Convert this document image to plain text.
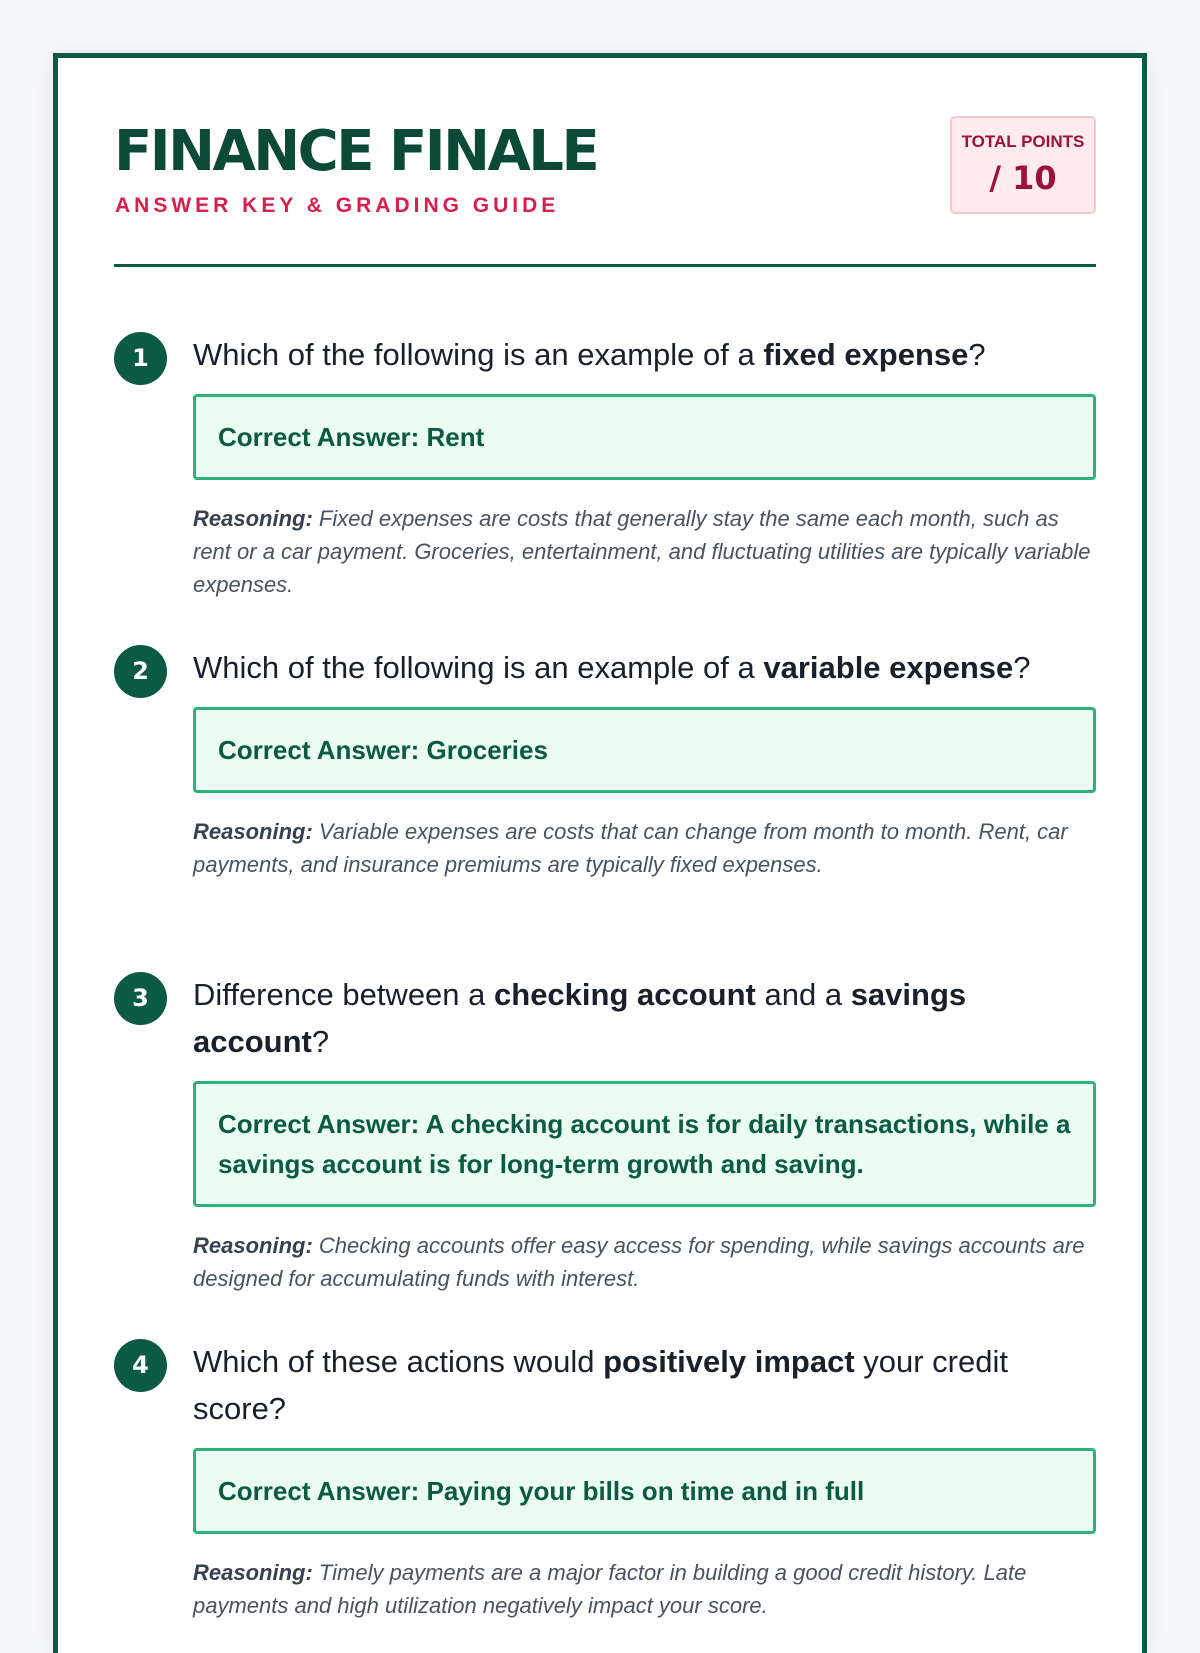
FINANCE FINALE
ANSWER KEY & GRADING GUIDE
TOTAL POINTS
/ 10
1	Which of the following is an example of a fixed expense?

Correct Answer: Rent
Reasoning: Fixed expenses are costs that generally stay the same each month, such as rent or a car payment. Groceries, entertainment, and fluctuating utilities are typically variable expenses.
2	Which of the following is an example of a variable expense?

Correct Answer: Groceries
Reasoning: Variable expenses are costs that can change from month to month. Rent, car payments, and insurance premiums are typically fixed expenses.
3	Difference between a checking account and a savings account?

Correct Answer: A checking account is for daily transactions, while a savings account is for long-term growth and saving.
Reasoning: Checking accounts offer easy access for spending, while savings accounts are designed for accumulating funds with interest.
4	Which of these actions would positively impact your credit score?

Correct Answer: Paying your bills on time and in full
Reasoning: Timely payments are a major factor in building a good credit history. Late payments and high utilization negatively impact your score.
